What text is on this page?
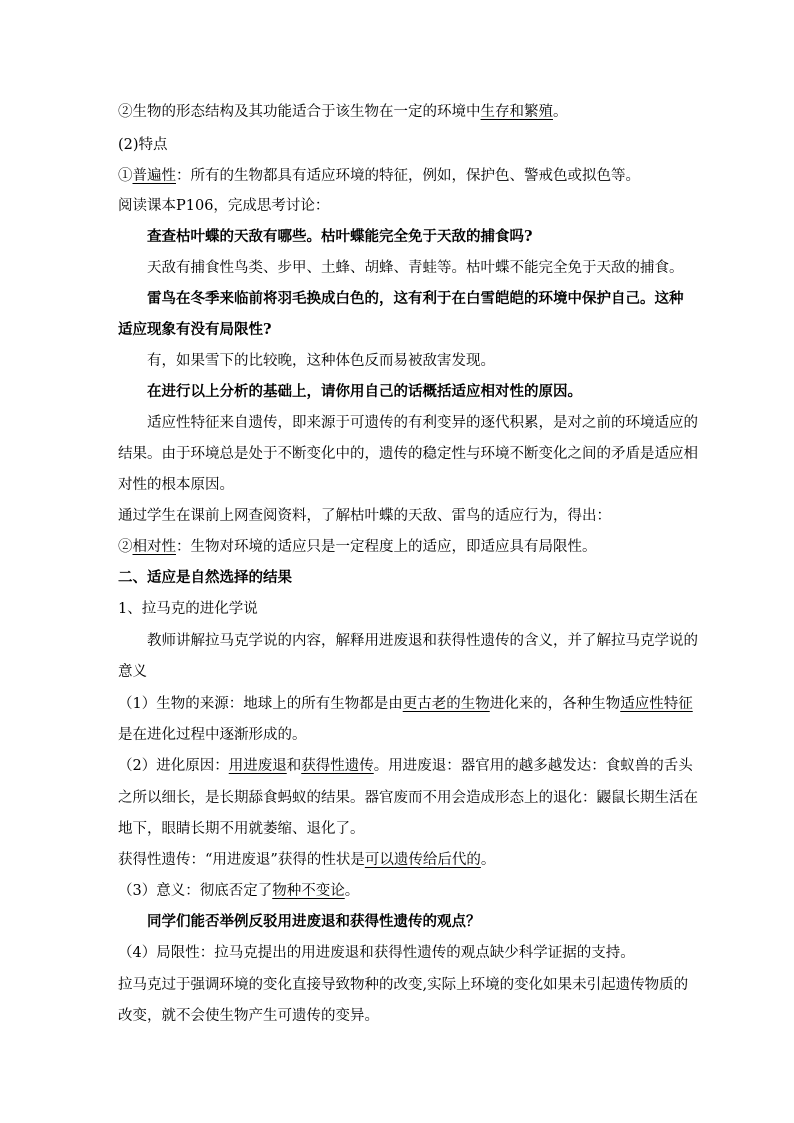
②生物的形态结构及其功能适合于该生物在一定的环境中生存和繁殖。
(2)特点
①普遍性：所有的生物都具有适应环境的特征，例如，保护色、警戒色或拟色等。
阅读课本P106，完成思考讨论：
查查枯叶蝶的天敌有哪些。枯叶蝶能完全免于天敌的捕食吗?
天敌有捕食性鸟类、步甲、土蜂、胡蜂、青蛙等。枯叶蝶不能完全免于天敌的捕食。
雷鸟在冬季来临前将羽毛换成白色的，这有利于在白雪皑皑的环境中保护自己。这种
适应现象有没有局限性?
有，如果雪下的比较晚，这种体色反而易被敌害发现。
在进行以上分析的基础上，请你用自己的话概括适应相对性的原因。
适应性特征来自遗传，即来源于可遗传的有利变异的逐代积累，是对之前的环境适应的
结果。由于环境总是处于不断变化中的，遗传的稳定性与环境不断变化之间的矛盾是适应相
对性的根本原因。
通过学生在课前上网查阅资料，了解枯叶蝶的天敌、雷鸟的适应行为，得出：
②相对性：生物对环境的适应只是一定程度上的适应，即适应具有局限性。
二、适应是自然选择的结果
1、拉马克的进化学说
教师讲解拉马克学说的内容，解释用进废退和获得性遗传的含义，并了解拉马克学说的
意义
（1）生物的来源：地球上的所有生物都是由更古老的生物进化来的，各种生物适应性特征
是在进化过程中逐渐形成的。
（2）进化原因：用进废退和获得性遗传。用进废退：器官用的越多越发达：食蚁兽的舌头
之所以细长，是长期舔食蚂蚁的结果。器官废而不用会造成形态上的退化：鼹鼠长期生活在
地下，眼睛长期不用就萎缩、退化了。
获得性遗传：“用进废退”获得的性状是可以遗传给后代的。
（3）意义：彻底否定了物种不变论。
同学们能否举例反驳用进废退和获得性遗传的观点？
（4）局限性：拉马克提出的用进废退和获得性遗传的观点缺少科学证据的支持。
拉马克过于强调环境的变化直接导致物种的改变,实际上环境的变化如果未引起遗传物质的
改变，就不会使生物产生可遗传的变异。
